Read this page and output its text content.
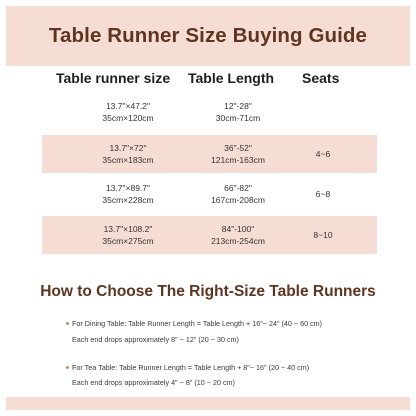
Table Runner Size Buying Guide
Table runner size Table Length Seats
13.7"×47.2"
35cm×120cm
12"-28"
30cm-71cm
13.7"×72"
35cm×183cm
36"-52"
121cm-163cm
4~6
13.7"×89.7"
35cm×228cm
66"-82"
167cm-208cm
6~8
13.7"×108.2"
35cm×275cm
84"-100"
213cm-254cm
8~10
How to Choose The Right-Size Table Runners
For Dining Table: Table Runner Length = Table Length + 16"~ 24" (40 ~ 60 cm)
Each end drops approximately 8" ~ 12" (20 ~ 30 cm)
For Tea Table: Table Runner Length = Table Length + 8"~ 16" (20 ~ 40 cm)
Each end drops approximately 4" ~ 8" (10 ~ 20 cm)
